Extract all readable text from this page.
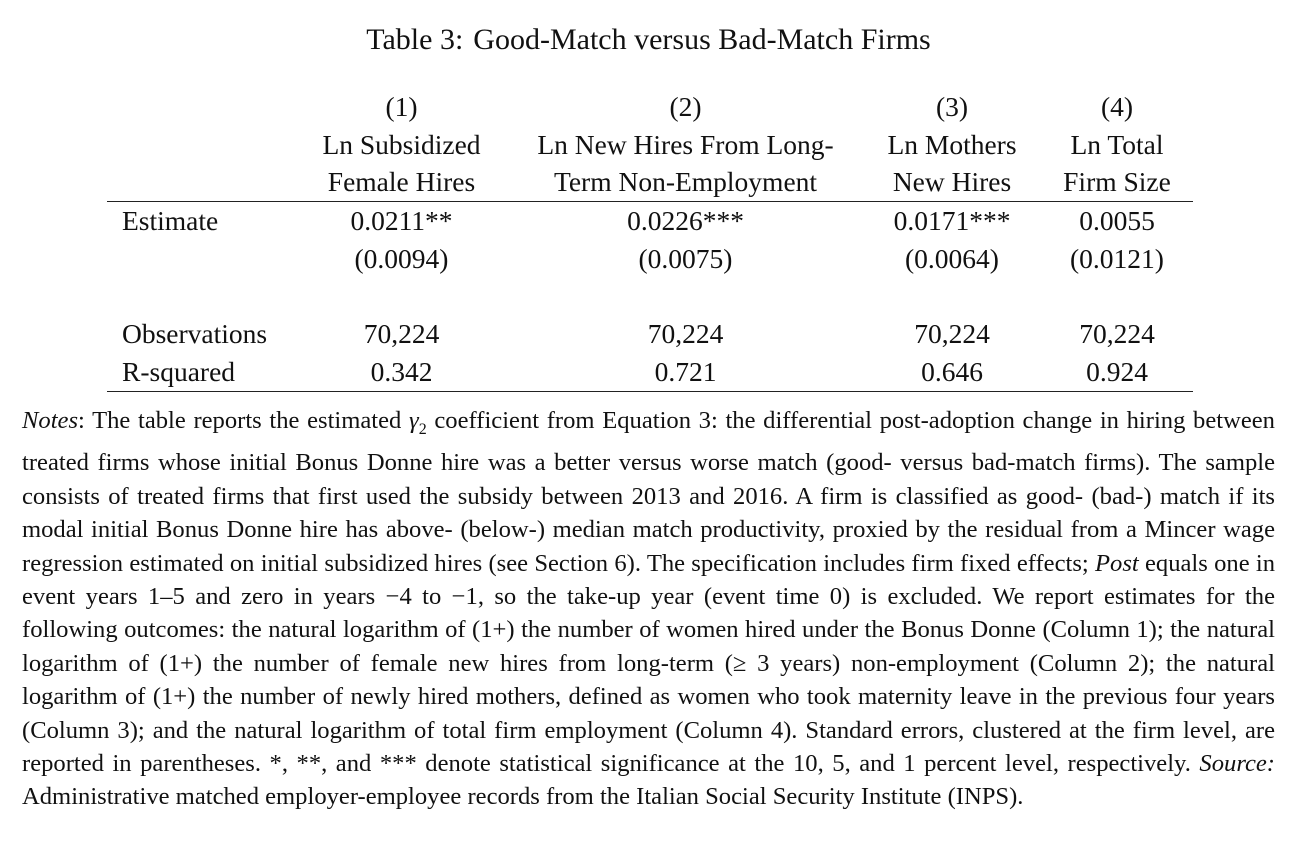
Table 3: Good-Match versus Bad-Match Firms
	(1)	(2)	(3)	(4)
	Ln Subsidized	Ln New Hires From Long-	Ln Mothers	Ln Total
	Female Hires	Term Non-Employment	New Hires	Firm Size
Estimate	0.0211**	0.0226***	0.0171***	0.0055
	(0.0094)	(0.0075)	(0.0064)	(0.0121)

Observations	70,224	70,224	70,224	70,224
R-squared	0.342	0.721	0.646	0.924

Notes: The table reports the estimated $\gamma_2$ coefficient from Equation 3: the differential post-adoption change in hiring between treated firms whose initial Bonus Donne hire was a better versus worse match (good- versus bad-match firms). The sample consists of treated firms that first used the subsidy between 2013 and 2016. A firm is classified as good- (bad-) match if its modal initial Bonus Donne hire has above- (below-) median match productivity, proxied by the residual from a Mincer wage regression estimated on initial subsidized hires (see Section 6). The specification includes firm fixed effects; Post equals one in event years 1–5 and zero in years −4 to −1, so the take-up year (event time 0) is excluded. We report estimates for the following outcomes: the natural logarithm of (1+) the number of women hired under the Bonus Donne (Column 1); the natural logarithm of (1+) the number of female new hires from long-term (≥ 3 years) non-employment (Column 2); the natural logarithm of (1+) the number of newly hired mothers, defined as women who took maternity leave in the previous four years (Column 3); and the natural logarithm of total firm employment (Column 4). Standard errors, clustered at the firm level, are reported in parentheses. *, **, and *** denote statistical significance at the 10, 5, and 1 percent level, respectively. Source: Administrative matched employer-employee records from the Italian Social Security Institute (INPS).
